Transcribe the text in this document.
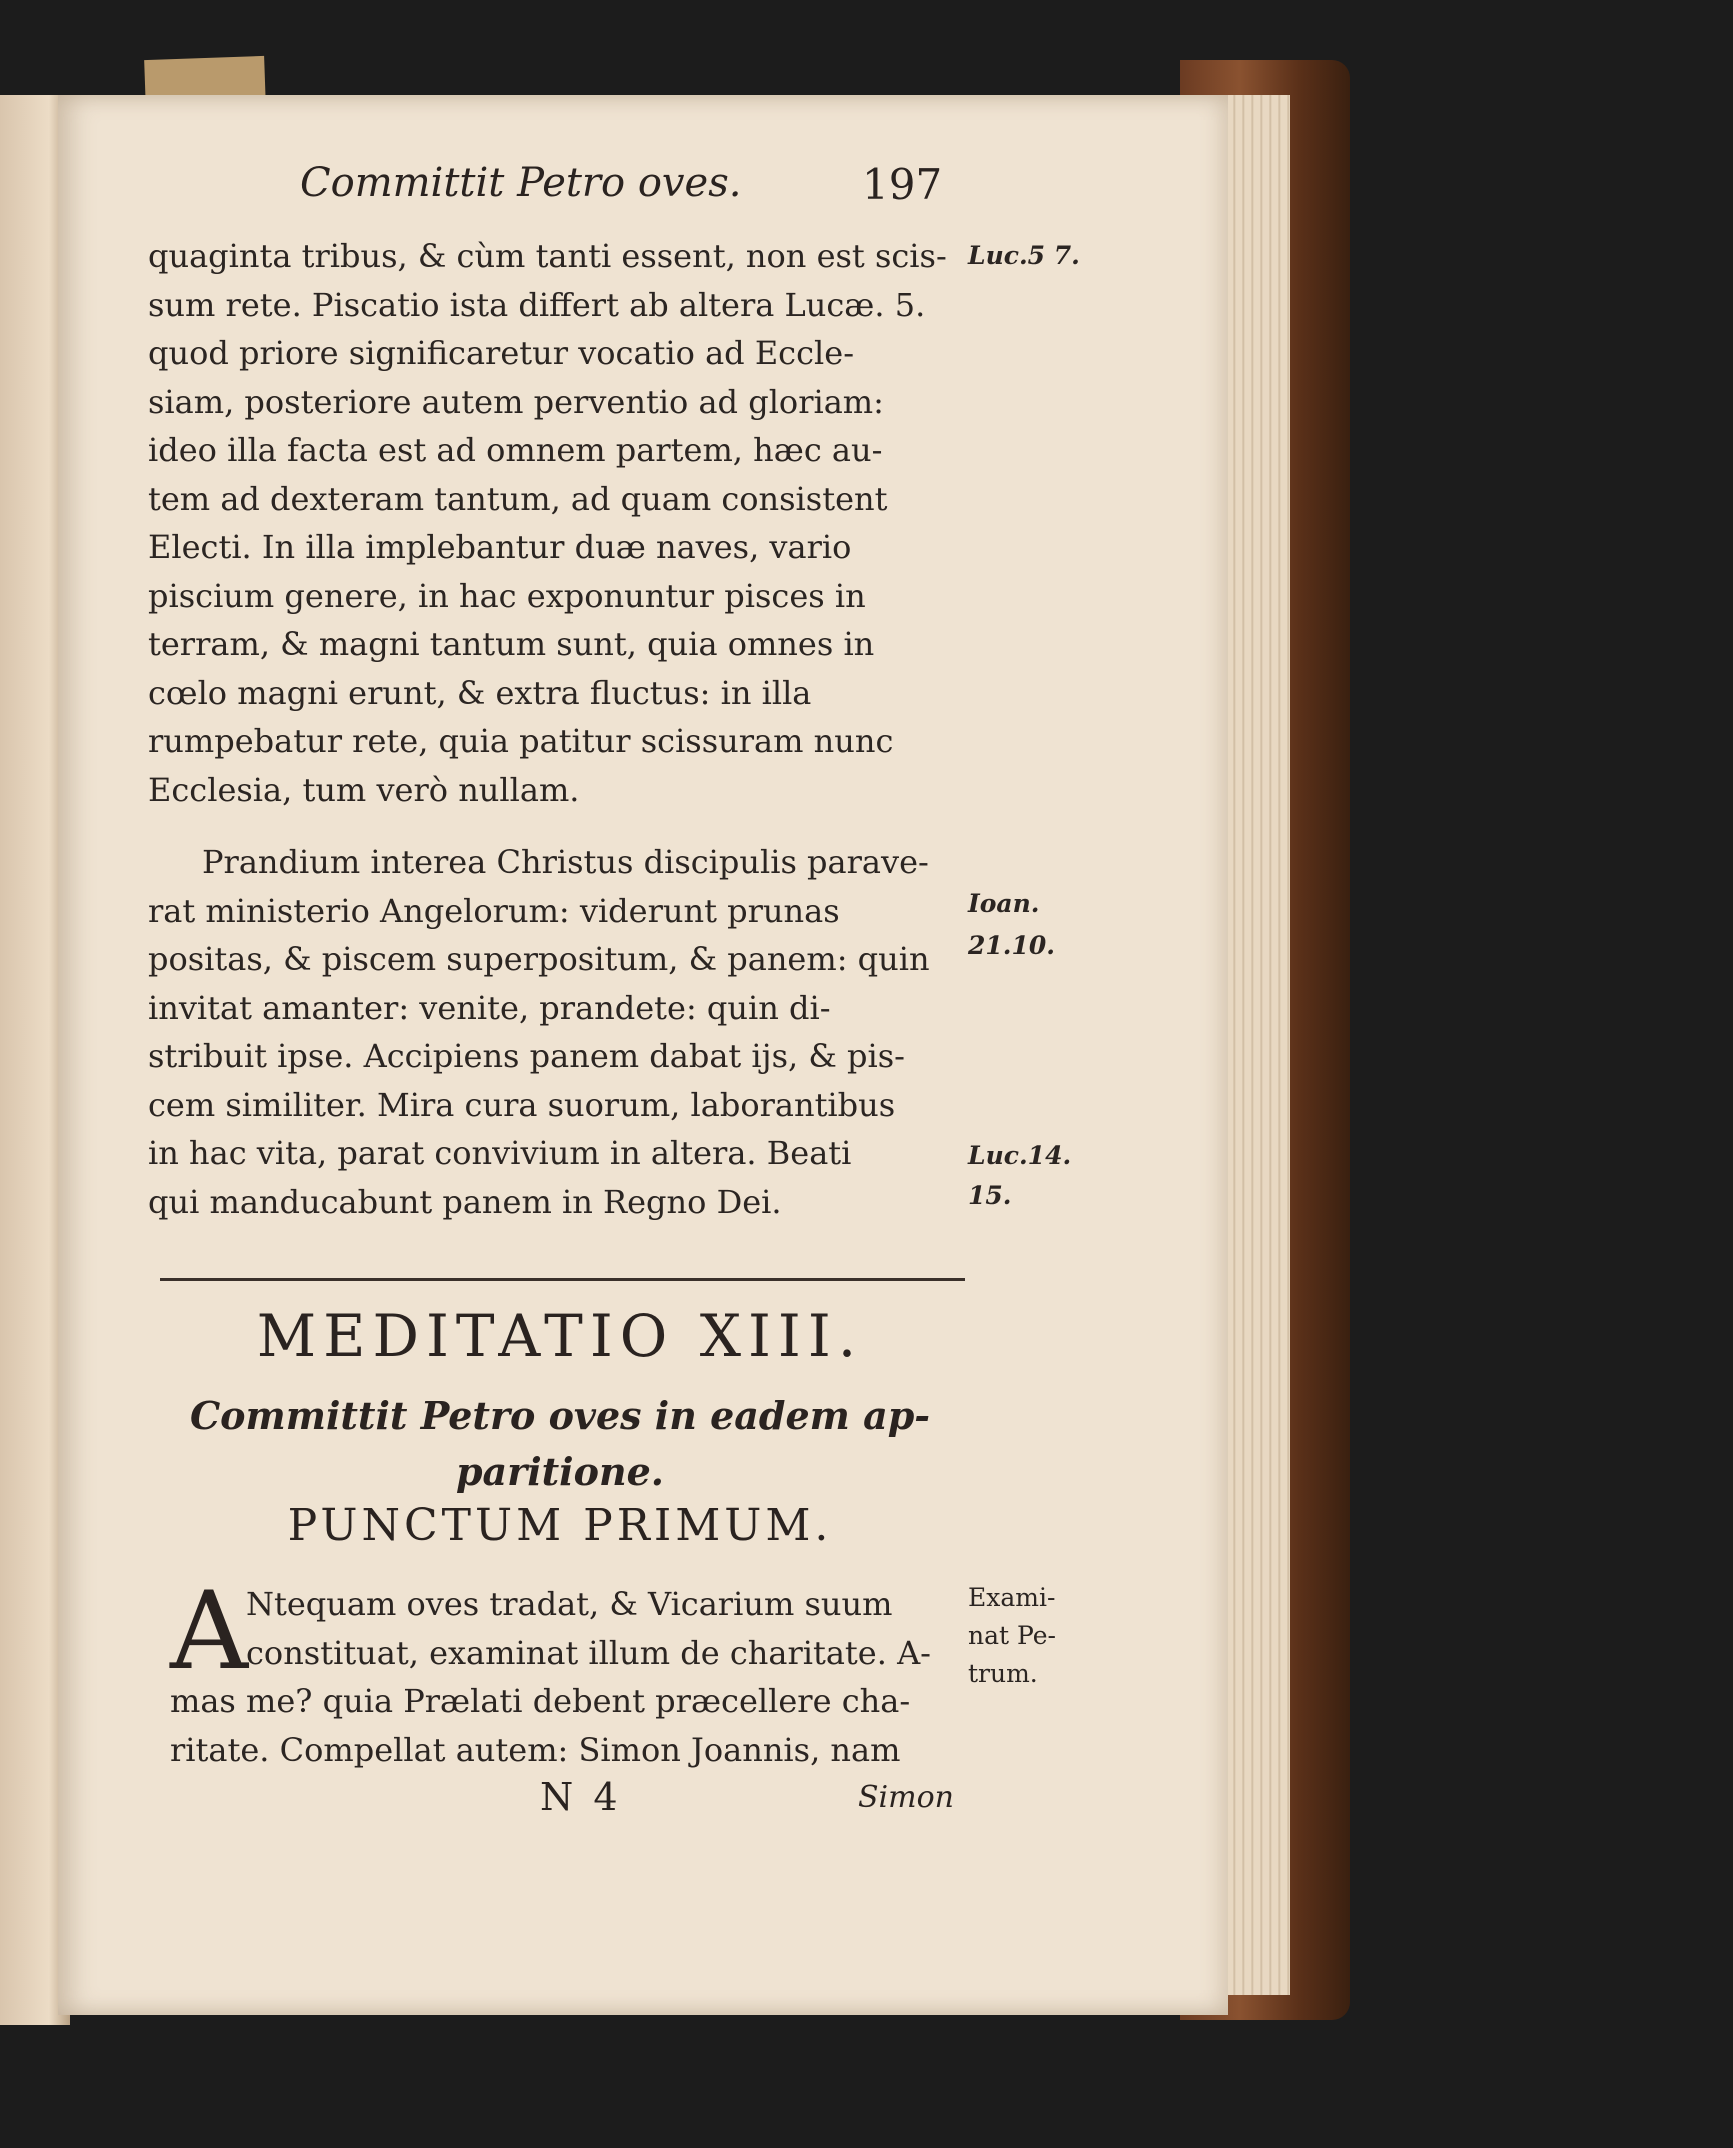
Committit Petro oves.	197

quaginta tribus, & cùm tanti essent, non est scis-

sum rete. Piscatio ista differt ab altera Lucæ. 5.

quod priore significaretur vocatio ad Eccle-

siam, posteriore autem perventio ad gloriam:

ideo illa facta est ad omnem partem, hæc au-

tem ad dexteram tantum, ad quam consistent

Electi. In illa implebantur duæ naves, vario

piscium genere, in hac exponuntur pisces in

terram, & magni tantum sunt, quia omnes in

cœlo magni erunt, & extra fluctus: in illa

rumpebatur rete, quia patitur scissuram nunc

Ecclesia, tum verò nullam.

Prandium interea Christus discipulis parave-

rat ministerio Angelorum: viderunt prunas

positas, & piscem superpositum, & panem: quin

invitat amanter: venite, prandete: quin di-

stribuit ipse. Accipiens panem dabat ijs, & pis-

cem similiter. Mira cura suorum, laborantibus

in hac vita, parat convivium in altera. Beati

qui manducabunt panem in Regno Dei.

Luc.5 7.
Ioan.
21.10.
Luc.14.
15.
MEDITATIO XIII.
Committit Petro oves in eadem ap-
paritione.
PUNCTUM PRIMUM.
A

Ntequam oves tradat, & Vicarium suum

constituat, examinat illum de charitate. A-

mas me? quia Prælati debent præcellere cha-

ritate. Compellat autem: Simon Joannis, nam

Exami-
nat Pe-
trum.
N 4	Simon
